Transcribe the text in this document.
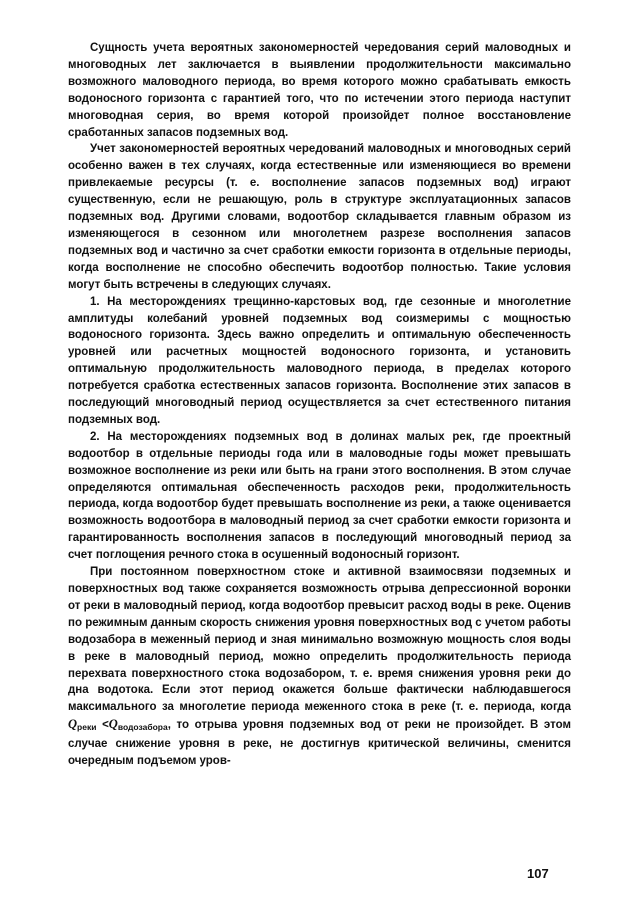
Сущность учета вероятных закономерностей чередования серий маловодных и многоводных лет заключается в выявлении продолжительности максимально возможного маловодного периода, во время которого можно срабатывать емкость водоносного горизонта с гарантией того, что по истечении этого периода наступит многоводная серия, во время которой произойдет полное восстановление сработанных запасов подземных вод.

Учет закономерностей вероятных чередований маловодных и многоводных серий особенно важен в тех случаях, когда естественные или изменяющиеся во времени привлекаемые ресурсы (т. е. восполнение запасов подземных вод) играют существенную, если не решающую, роль в структуре эксплуатационных запасов подземных вод. Другими словами, водоотбор складывается главным образом из изменяющегося в сезонном или многолетнем разрезе восполнения запасов подземных вод и частично за счет сработки емкости горизонта в отдельные периоды, когда восполнение не способно обеспечить водоотбор полностью. Такие условия могут быть встречены в следующих случаях.

1. На месторождениях трещинно-карстовых вод, где сезонные и многолетние амплитуды колебаний уровней подземных вод соизмеримы с мощностью водоносного горизонта. Здесь важно определить и оптимальную обеспеченность уровней или расчетных мощностей водоносного горизонта, и установить оптимальную продолжительность маловодного периода, в пределах которого потребуется сработка естественных запасов горизонта. Восполнение этих запасов в последующий многоводный период осуществляется за счет естественного питания подземных вод.

2. На месторождениях подземных вод в долинах малых рек, где проектный водоотбор в отдельные периоды года или в маловодные годы может превышать возможное восполнение из реки или быть на грани этого восполнения. В этом случае определяются оптимальная обеспеченность расходов реки, продолжительность периода, когда водоотбор будет превышать восполнение из реки, а также оценивается возможность водоотбора в маловодный период за счет сработки емкости горизонта и гарантированность восполнения запасов в последующий многоводный период за счет поглощения речного стока в осушенный водоносный горизонт.

При постоянном поверхностном стоке и активной взаимосвязи подземных и поверхностных вод также сохраняется возможность отрыва депрессионной воронки от реки в маловодный период, когда водоотбор превысит расход воды в реке. Оценив по режимным данным скорость снижения уровня поверхностных вод с учетом работы водозабора в меженный период и зная минимально возможную мощность слоя воды в реке в маловодный период, можно определить продолжительность периода перехвата поверхностного стока водозабором, т. е. время снижения уровня реки до дна водотока. Если этот период окажется больше фактически наблюдавшегося максимального за многолетие периода меженного стока в реке (т. е. периода, когда $Q_{реки} <Q_{водозабора}$, то отрыва уровня подземных вод от реки не произойдет. В этом случае снижение уровня в реке, не достигнув критической величины, сменится очередным подъемом уров-

107
